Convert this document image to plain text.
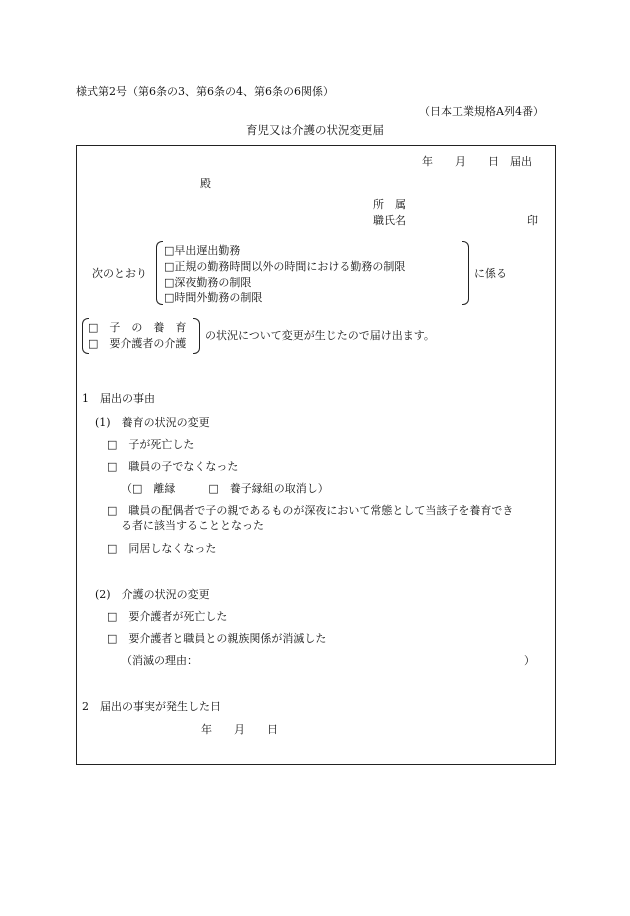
様式第2号（第6条の3、第6条の4、第6条の6関係）
（日本工業規格A列4番）
育児又は介護の状況変更届
年　　月　　日　届出
殿
所　属
職氏名	印
次のとおり
□早出遅出勤務
□正規の勤務時間以外の時間における勤務の制限
□深夜勤務の制限
□時間外勤務の制限
に係る
□　子　の　養　育
□　要介護者の介護
の状況について変更が生じたので届け出ます。
1　届出の事由
(1)　養育の状況の変更
□　子が死亡した
□　職員の子でなくなった
（□　離縁　　　□　養子縁組の取消し）
□　職員の配偶者で子の親であるものが深夜において常態として当該子を養育でき
る者に該当することとなった
□　同居しなくなった
(2)　介護の状況の変更
□　要介護者が死亡した
□　要介護者と職員との親族関係が消滅した
（消滅の理由：	）
2　届出の事実が発生した日
年　　月　　日
